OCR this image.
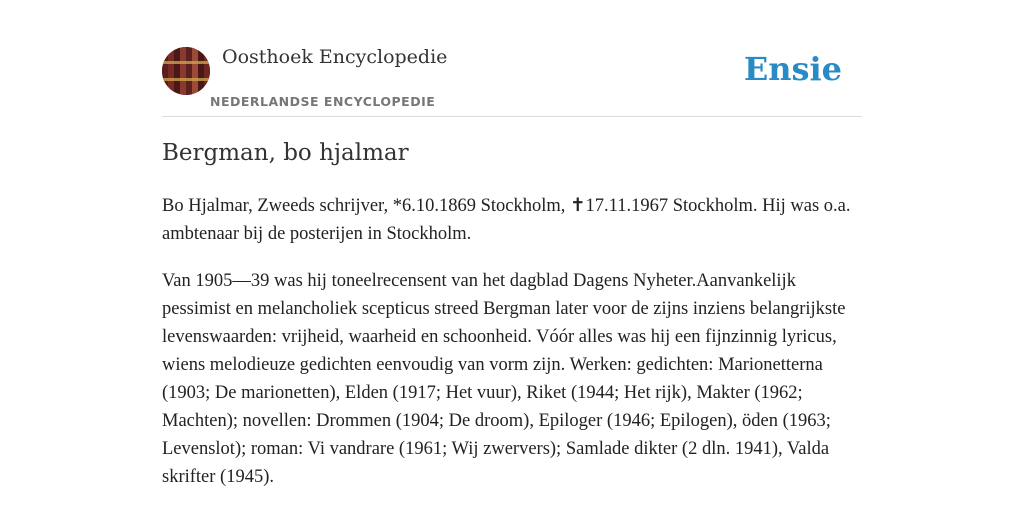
Oosthoek Encyclopedie
NEDERLANDSE ENCYCLOPEDIE
Ensie
Bergman, bo hjalmar

Bo Hjalmar, Zweeds schrijver, *6.10.1869 Stockholm, ✝17.11.1967 Stockholm. Hij was o.a. ambtenaar bij de posterijen in Stockholm.

Van 1905—39 was hij toneelrecensent van het dagblad Dagens Nyheter.Aanvankelijk pessimist en melancholiek scepticus streed Bergman later voor de zijns inziens belangrijkste levenswaarden: vrijheid, waarheid en schoonheid. Vóór alles was hij een fijnzinnig lyricus, wiens melodieuze gedichten eenvoudig van vorm zijn. Werken: gedichten: Marionetterna (1903; De marionetten), Elden (1917; Het vuur), Riket (1944; Het rijk), Makter (1962; Machten); novellen: Drommen (1904; De droom), Epiloger (1946; Epilogen), öden (1963; Levenslot); roman: Vi vandrare (1961; Wij zwervers); Samlade dikter (2 dln. 1941), Valda skrifter (1945).
